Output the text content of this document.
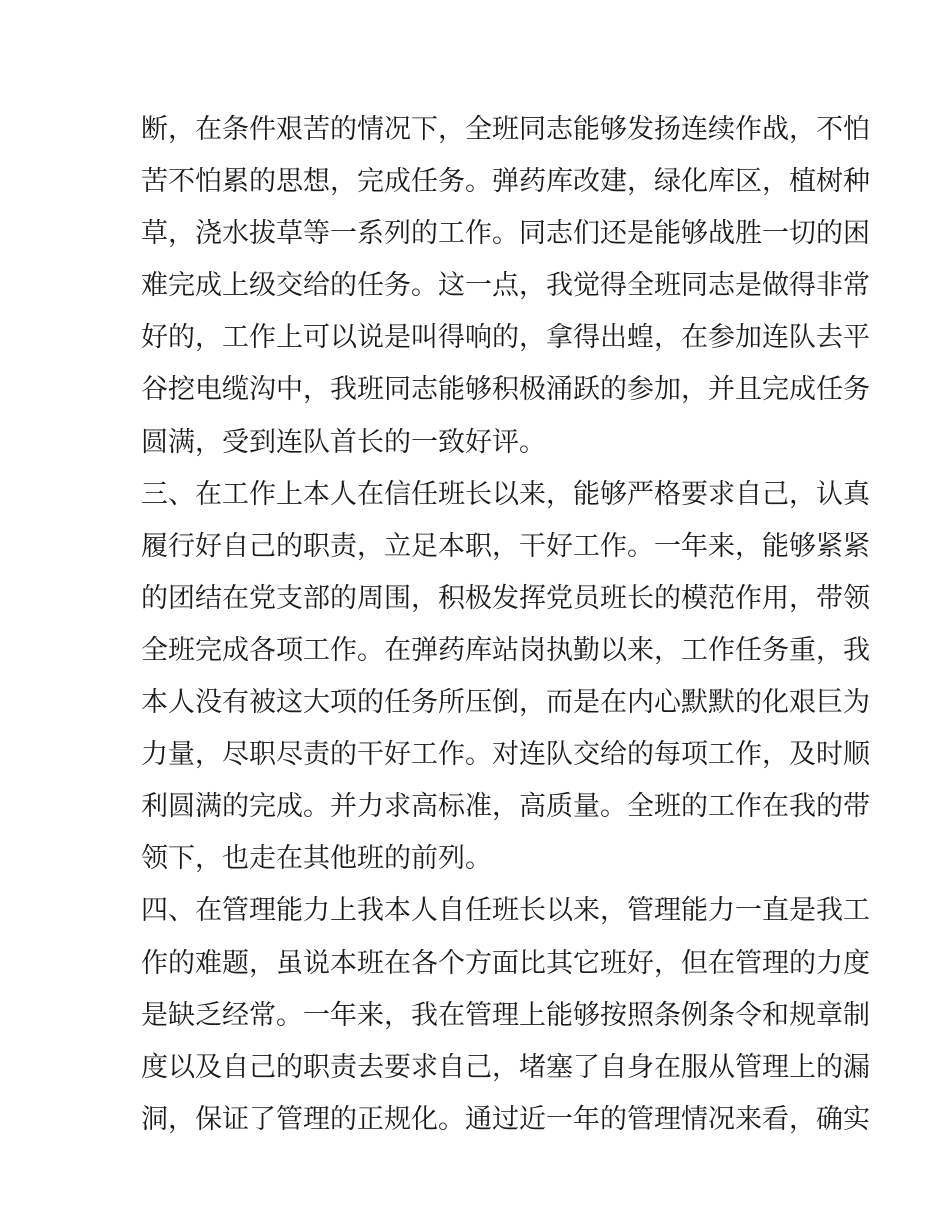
断，在条件艰苦的情况下，全班同志能够发扬连续作战，不怕
苦不怕累的思想，完成任务。弹药库改建，绿化库区，植树种
草，浇水拔草等一系列的工作。同志们还是能够战胜一切的困
难完成上级交给的任务。这一点，我觉得全班同志是做得非常
好的，工作上可以说是叫得响的，拿得出蝗，在参加连队去平
谷挖电缆沟中，我班同志能够积极涌跃的参加，并且完成任务
圆满，受到连队首长的一致好评。
三、在工作上本人在信任班长以来，能够严格要求自己，认真
履行好自己的职责，立足本职，干好工作。一年来，能够紧紧
的团结在党支部的周围，积极发挥党员班长的模范作用，带领
全班完成各项工作。在弹药库站岗执勤以来，工作任务重，我
本人没有被这大项的任务所压倒，而是在内心默默的化艰巨为
力量，尽职尽责的干好工作。对连队交给的每项工作，及时顺
利圆满的完成。并力求高标准，高质量。全班的工作在我的带
领下，也走在其他班的前列。
四、在管理能力上我本人自任班长以来，管理能力一直是我工
作的难题，虽说本班在各个方面比其它班好，但在管理的力度
是缺乏经常。一年来，我在管理上能够按照条例条令和规章制
度以及自己的职责去要求自己，堵塞了自身在服从管理上的漏
洞，保证了管理的正规化。通过近一年的管理情况来看，确实
